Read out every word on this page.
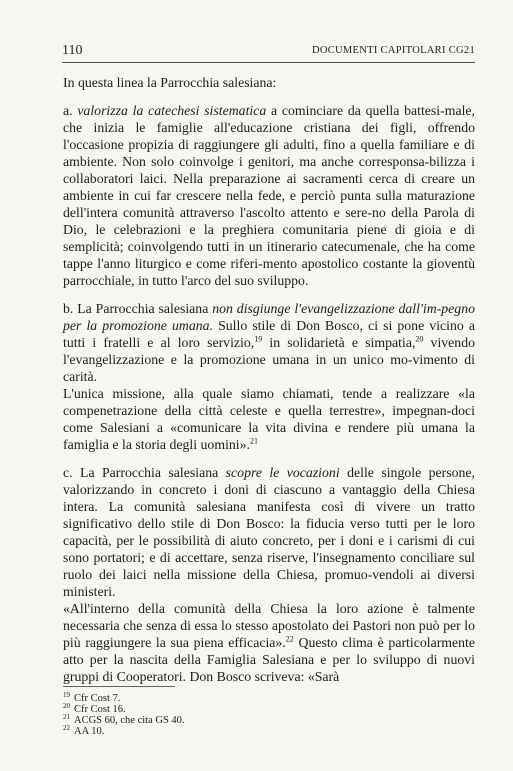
110	DOCUMENTI CAPITOLARI CG21

In questa linea la Parrocchia salesiana:

a. valorizza la catechesi sistematica a cominciare da quella battesi-male, che inizia le famiglie all'educazione cristiana dei figli, offrendo l'occasione propizia di raggiungere gli adulti, fino a quella familiare e di ambiente. Non solo coinvolge i genitori, ma anche corresponsa-bilizza i collaboratori laici. Nella preparazione ai sacramenti cerca di creare un ambiente in cui far crescere nella fede, e perciò punta sulla maturazione dell'intera comunità attraverso l'ascolto attento e sere-no della Parola di Dio, le celebrazioni e la preghiera comunitaria piene di gioia e di semplicità; coinvolgendo tutti in un itinerario catecumenale, che ha come tappe l'anno liturgico e come riferi-mento apostolico costante la gioventù parrocchiale, in tutto l'arco del suo sviluppo.

b. La Parrocchia salesiana non disgiunge l'evangelizzazione dall'im-pegno per la promozione umana. Sullo stile di Don Bosco, ci si pone vicino a tutti i fratelli e al loro servizio,$^{19}$ in solidarietà e simpatia,$^{20}$ vivendo l'evangelizzazione e la promozione umana in un unico mo-vimento di carità.

L'unica missione, alla quale siamo chiamati, tende a realizzare «la compenetrazione della città celeste e quella terrestre», impegnan-doci come Salesiani a «comunicare la vita divina e rendere più umana la famiglia e la storia degli uomini».$^{21}$

c. La Parrocchia salesiana scopre le vocazioni delle singole persone, valorizzando in concreto i doni di ciascuno a vantaggio della Chiesa intera. La comunità salesiana manifesta così di vivere un tratto significativo dello stile di Don Bosco: la fiducia verso tutti per le loro capacità, per le possibilità di aiuto concreto, per i doni e i carismi di cui sono portatori; e di accettare, senza riserve, l'insegnamento conciliare sul ruolo dei laici nella missione della Chiesa, promuo-vendoli ai diversi ministeri.

«All'interno della comunità della Chiesa la loro azione è talmente necessaria che senza di essa lo stesso apostolato dei Pastori non può per lo più raggiungere la sua piena efficacia».$^{22}$ Questo clima è particolarmente atto per la nascita della Famiglia Salesiana e per lo sviluppo di nuovi gruppi di Cooperatori. Don Bosco scriveva: «Sarà

$^{19}$ Cfr Cost 7.
$^{20}$ Cfr Cost 16.
$^{21}$ ACGS 60, che cita GS 40.
$^{22}$ AA 10.
